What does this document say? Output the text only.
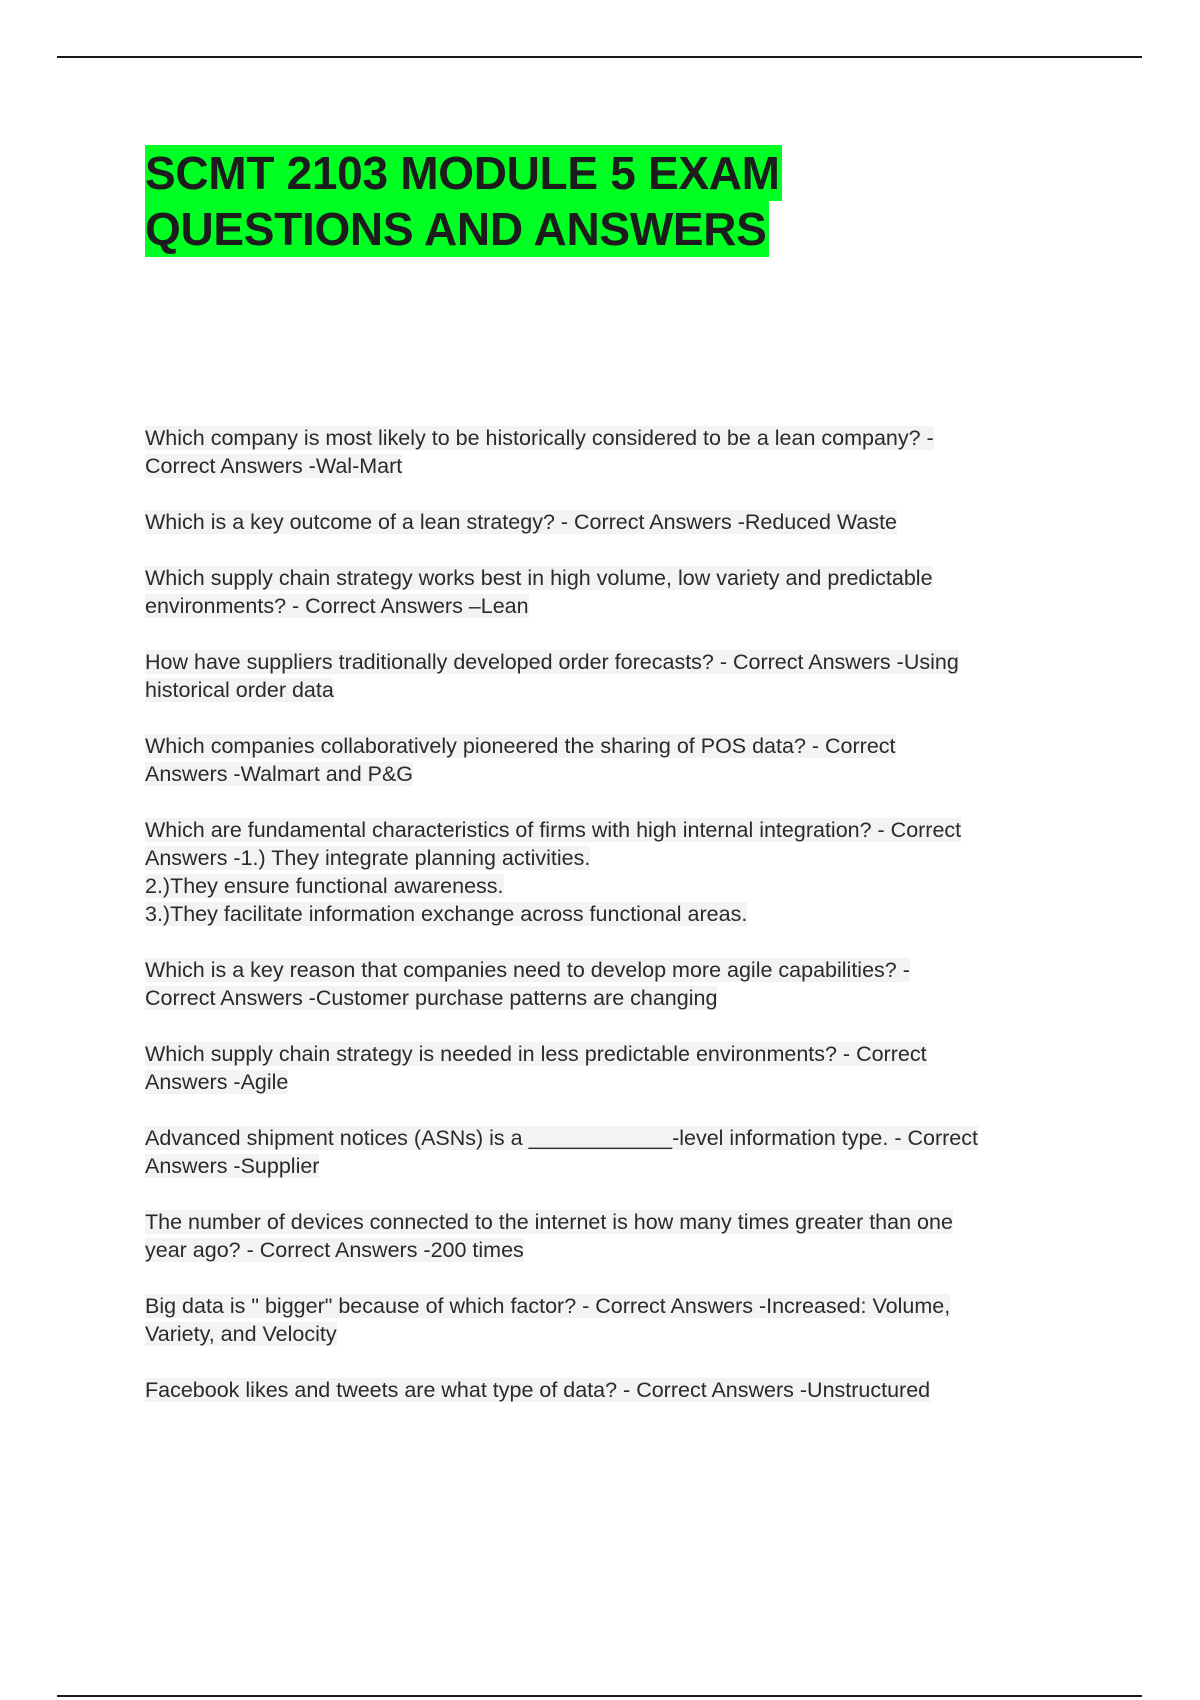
SCMT 2103 MODULE 5 EXAM
QUESTIONS AND ANSWERS
Which company is most likely to be historically considered to be a lean company? -
Correct Answers -Wal-Mart
Which is a key outcome of a lean strategy? - Correct Answers -Reduced Waste
Which supply chain strategy works best in high volume, low variety and predictable
environments? - Correct Answers –Lean
How have suppliers traditionally developed order forecasts? - Correct Answers -Using
historical order data
Which companies collaboratively pioneered the sharing of POS data? - Correct
Answers -Walmart and P&G
Which are fundamental characteristics of firms with high internal integration? - Correct
Answers -1.) They integrate planning activities.
2.)They ensure functional awareness.
3.)They facilitate information exchange across functional areas.
Which is a key reason that companies need to develop more agile capabilities? -
Correct Answers -Customer purchase patterns are changing
Which supply chain strategy is needed in less predictable environments? - Correct
Answers -Agile
Advanced shipment notices (ASNs) is a ____________-level information type. - Correct
Answers -Supplier
The number of devices connected to the internet is how many times greater than one
year ago? - Correct Answers -200 times
Big data is " bigger" because of which factor? - Correct Answers -Increased: Volume,
Variety, and Velocity
Facebook likes and tweets are what type of data? - Correct Answers -Unstructured
